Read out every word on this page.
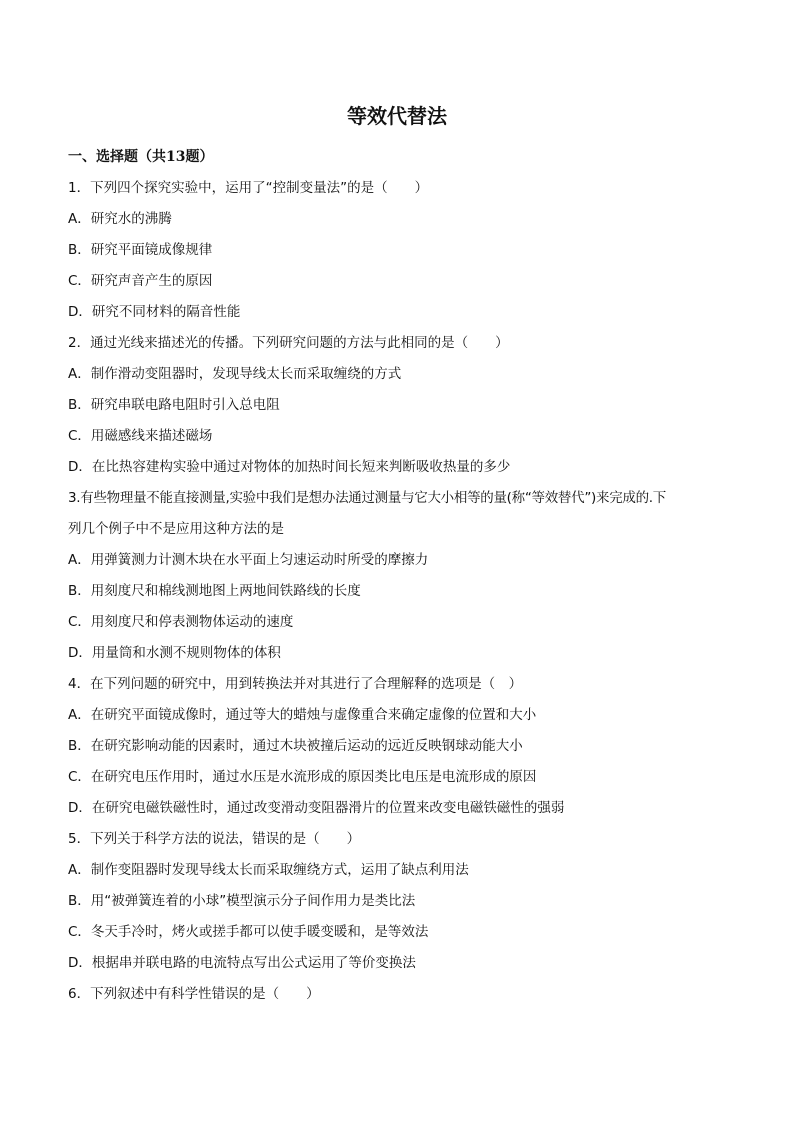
等效代替法

一、选择题（共13题）

1．下列四个探究实验中，运用了“控制变量法”的是（　　）

A．研究水的沸腾

B．研究平面镜成像规律

C．研究声音产生的原因

D．研究不同材料的隔音性能

2．通过光线来描述光的传播。下列研究问题的方法与此相同的是（　　）

A．制作滑动变阻器时，发现导线太长而采取缠绕的方式

B．研究串联电路电阻时引入总电阻

C．用磁感线来描述磁场

D．在比热容建构实验中通过对物体的加热时间长短来判断吸收热量的多少

3.有些物理量不能直接测量,实验中我们是想办法通过测量与它大小相等的量(称“等效替代”)来完成的.下

列几个例子中不是应用这种方法的是

A．用弹簧测力计测木块在水平面上匀速运动时所受的摩擦力

B．用刻度尺和棉线测地图上两地间铁路线的长度

C．用刻度尺和停表测物体运动的速度

D．用量筒和水测不规则物体的体积

4．在下列问题的研究中，用到转换法并对其进行了合理解释的选项是（　）

A．在研究平面镜成像时，通过等大的蜡烛与虚像重合来确定虚像的位置和大小

B．在研究影响动能的因素时，通过木块被撞后运动的远近反映钢球动能大小

C．在研究电压作用时，通过水压是水流形成的原因类比电压是电流形成的原因

D．在研究电磁铁磁性时，通过改变滑动变阻器滑片的位置来改变电磁铁磁性的强弱

5．下列关于科学方法的说法，错误的是（　　）

A．制作变阻器时发现导线太长而采取缠绕方式，运用了缺点利用法

B．用“被弹簧连着的小球”模型演示分子间作用力是类比法

C．冬天手冷时，烤火或搓手都可以使手暖变暖和，是等效法

D．根据串并联电路的电流特点写出公式运用了等价变换法

6．下列叙述中有科学性错误的是（　　）
